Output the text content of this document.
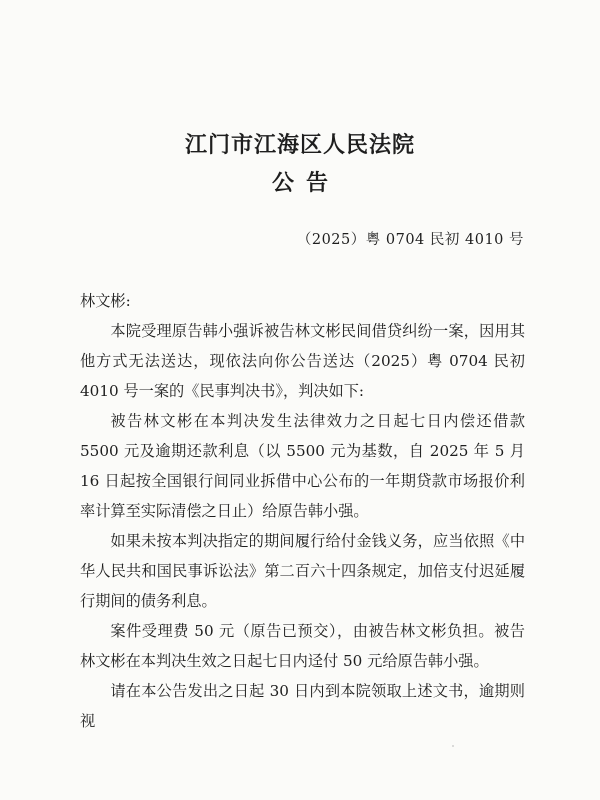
江门市江海区人民法院
公告
（2025）粤 0704 民初 4010 号

林文彬:

本院受理原告韩小强诉被告林文彬民间借贷纠纷一案，因用其他方式无法送达，现依法向你公告送达（2025）粤 0704 民初 4010 号一案的《民事判决书》，判决如下:

被告林文彬在本判决发生法律效力之日起七日内偿还借款 5500 元及逾期还款利息（以 5500 元为基数，自 2025 年 5 月 16 日起按全国银行间同业拆借中心公布的一年期贷款市场报价利率计算至实际清偿之日止）给原告韩小强。

如果未按本判决指定的期间履行给付金钱义务，应当依照《中华人民共和国民事诉讼法》第二百六十四条规定，加倍支付迟延履行期间的债务利息。

案件受理费 50 元（原告已预交），由被告林文彬负担。被告林文彬在本判决生效之日起七日内迳付 50 元给原告韩小强。

请在本公告发出之日起 30 日内到本院领取上述文书，逾期则视
